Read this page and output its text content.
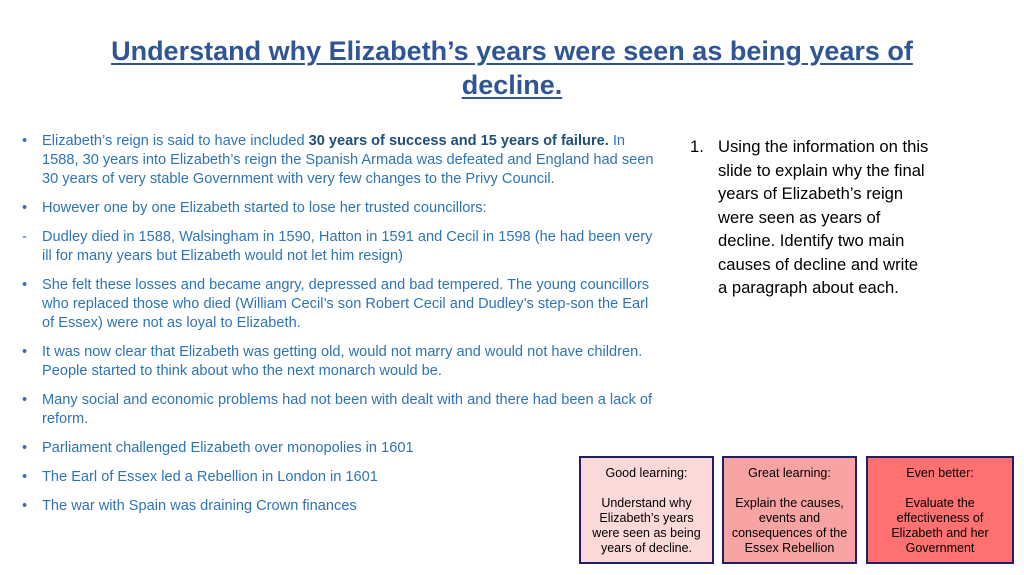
Understand why Elizabeth’s years were seen as being years of decline.
•	Elizabeth’s reign is said to have included 30 years of success and 15 years of failure. In 1588, 30 years into Elizabeth’s reign the Spanish Armada was defeated and England had seen 30 years of very stable Government with very few changes to the Privy Council.
•	However one by one Elizabeth started to lose her trusted councillors:
-	Dudley died in 1588, Walsingham in 1590, Hatton in 1591 and Cecil in 1598 (he had been very ill for many years but Elizabeth would not let him resign)
•	She felt these losses and became angry, depressed and bad tempered. The young councillors who replaced those who died (William Cecil’s son Robert Cecil and Dudley’s step-son the Earl of Essex) were not as loyal to Elizabeth.
•	It was now clear that Elizabeth was getting old, would not marry and would not have children. People started to think about who the next monarch would be.
•	Many social and economic problems had not been with dealt with and there had been a lack of reform.
•	Parliament challenged Elizabeth over monopolies in 1601
•	The Earl of Essex led a Rebellion in London in 1601
•	The war with Spain was draining Crown finances
1. Using the information on this slide to explain why the final years of Elizabeth’s reign were seen as years of decline. Identify two main causes of decline and write a paragraph about each.
Good learning:
Understand why Elizabeth’s years were seen as being years of decline.
Great learning:
Explain the causes, events and consequences of the Essex Rebellion
Even better:
Evaluate the effectiveness of Elizabeth and her Government
